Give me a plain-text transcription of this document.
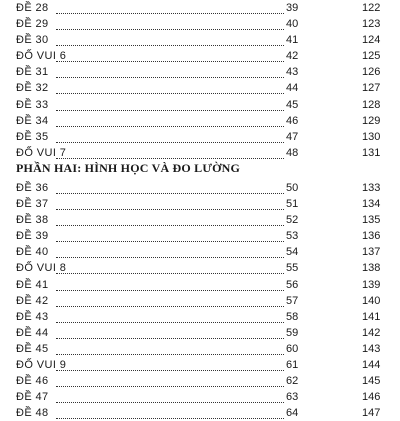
ĐỀ 28	39	122
ĐỀ 29	40	123
ĐỀ 30	41	124
ĐỐ VUI 6	42	125
ĐỀ 31	43	126
ĐỀ 32	44	127
ĐỀ 33	45	128
ĐỀ 34	46	129
ĐỀ 35	47	130
ĐỐ VUI 7	48	131
PHẦN HAI: HÌNH HỌC VÀ ĐO LƯỜNG
ĐỀ 36	50	133
ĐỀ 37	51	134
ĐỀ 38	52	135
ĐỀ 39	53	136
ĐỀ 40	54	137
ĐỐ VUI 8	55	138
ĐỀ 41	56	139
ĐỀ 42	57	140
ĐỀ 43	58	141
ĐỀ 44	59	142
ĐỀ 45	60	143
ĐỐ VUI 9	61	144
ĐỀ 46	62	145
ĐỀ 47	63	146
ĐỀ 48	64	147
